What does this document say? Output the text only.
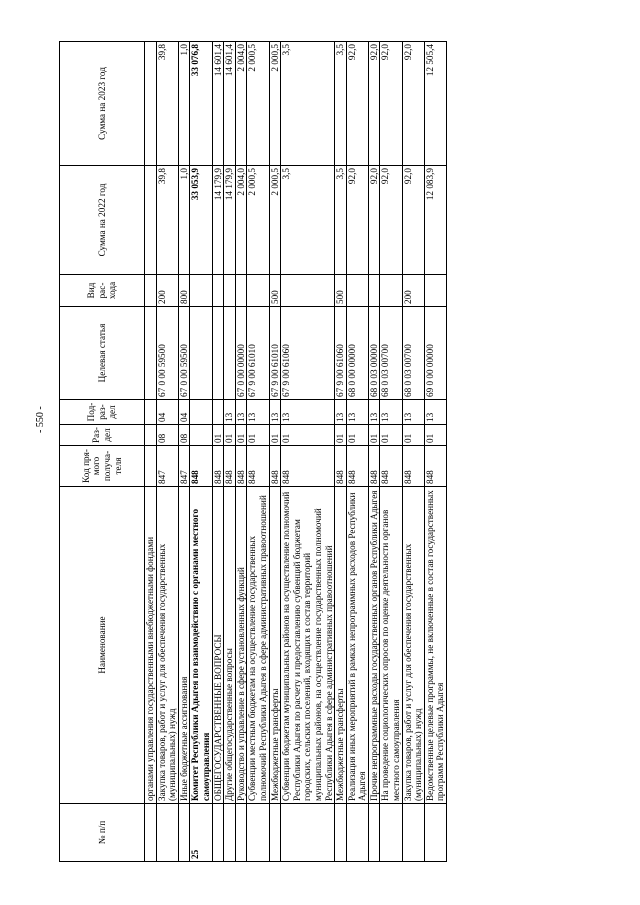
- 550 -
№ п/п	Наименование	Код пря- мого получа- теля	Раз- дел	Под- раз- дел	Целевая статья	Вид рас- хода	Сумма на 2022 год	Сумма на 2023 год
	органами управления государственными внебюджетными фондами							
	Закупка товаров, работ и услуг для обеспечения государственных (муниципальных) нужд	847	08	04	67 0 00 59500	200	39,8	39,8
	Иные бюджетные ассигнования	847	08	04	67 0 00 59500	800	1,0	1,0
25	Комитет Республики Адыгея по взаимодействию с органами местного самоуправления	848					33 053,9	33 076,8
	ОБЩЕГОСУДАРСТВЕННЫЕ ВОПРОСЫ	848	01				14 179,9	14 601,4
	Другие общегосударственные вопросы	848	01	13			14 179,9	14 601,4
	Руководство и управление в сфере установленных функций	848	01	13	67 0 00 00000		2 004,0	2 004,0
	Субвенции местным бюджетам на осуществление государственных полномочий Республики Адыгея в сфере административных правоотношений	848	01	13	67 9 00 61010		2 000,5	2 000,5
	Межбюджетные трансферты	848	01	13	67 9 00 61010	500	2 000,5	2 000,5
	Субвенции бюджетам муниципальных районов на осуществление полномочий Республики Адыгея по расчету и предоставлению субвенций бюджетам городских, сельских поселений, входящих в состав территорий муниципальных районов, на осуществление государственных полномочий Республики Адыгея в сфере административных правоотношений	848	01	13	67 9 00 61060		3,5	3,5
	Межбюджетные трансферты	848	01	13	67 9 00 61060	500	3,5	3,5
	Реализация иных мероприятий в рамках непрограммных расходов Республики Адыгея	848	01	13	68 0 00 00000		92,0	92,0
	Прочие непрограммные расходы государственных органов Республики Адыгея	848	01	13	68 0 03 00000		92,0	92,0
	На проведение социологических опросов по оценке деятельности органов местного самоуправления	848	01	13	68 0 03 00700		92,0	92,0
	Закупка товаров, работ и услуг для обеспечения государственных (муниципальных) нужд	848	01	13	68 0 03 00700	200	92,0	92,0
	Ведомственные целевые программы, не включенные в состав государственных программ Республики Адыгея	848	01	13	69 0 00 00000		12 083,9	12 505,4
